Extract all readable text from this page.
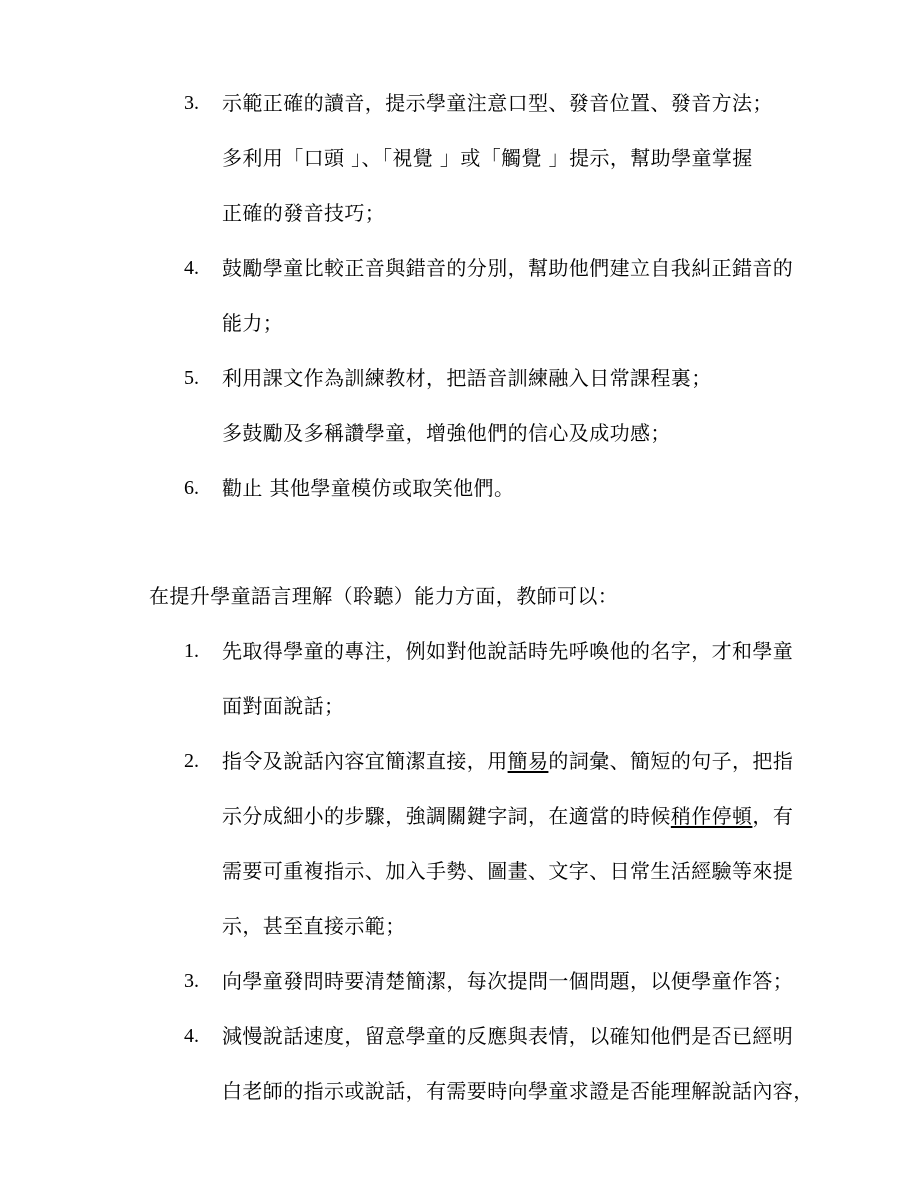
3. 示範正確的讀音，提示學童注意口型、發音位置、發音方法；
多利用「口頭 」、「視覺 」或「觸覺 」提示，幫助學童掌握
正確的發音技巧；
4. 鼓勵學童比較正音與錯音的分別，幫助他們建立自我糾正錯音的
能力；
5. 利用課文作為訓練教材，把語音訓練融入日常課程裏；
多鼓勵及多稱讚學童，增強他們的信心及成功感；
6. 勸止 其他學童模仿或取笑他們。
在提升學童語言理解（聆聽）能力方面，教師可以：
1. 先取得學童的專注，例如對他說話時先呼喚他的名字，才和學童
面對面說話；
2. 指令及說話內容宜簡潔直接，用簡易的詞彙、簡短的句子，把指
示分成細小的步驟，強調關鍵字詞，在適當的時候稍作停頓，有
需要可重複指示、加入手勢、圖畫、文字、日常生活經驗等來提
示，甚至直接示範；
3. 向學童發問時要清楚簡潔，每次提問一個問題，以便學童作答；
4. 減慢說話速度，留意學童的反應與表情，以確知他們是否已經明
白老師的指示或說話，有需要時向學童求證是否能理解說話內容，
